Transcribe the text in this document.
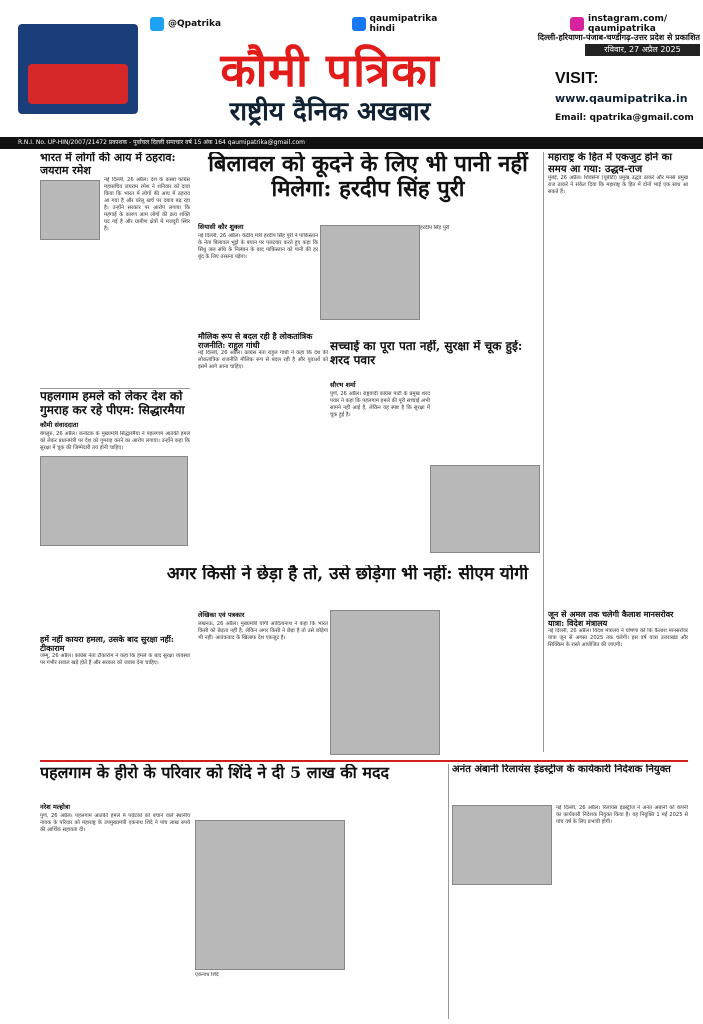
@Qpatrika	qaumipatrika hindi
instagram.com/ qaumipatrika
कौमी पत्रिका
राष्ट्रीय दैनिक अखबार
दिल्ली-हरियाणा-पंजाब-चण्डीगढ़-उत्तर प्रदेश से प्रकाशित
रविवार, 27 अप्रैल 2025
VISIT:
www.qaumipatrika.in
Email: qpatrika@gmail.com
R.N.I. No. UP-HIN/2007/21472 प्रकाशक - पूर्वांचल दिल्ली समाचार वर्ष 15 अंक 164 qaumipatrika@gmail.com
भारत में लोगों की आय में ठहराव: जयराम रमेश
नई दिल्ली, 26 अप्रैल। देश के कस्बा कांग्रेस महासचिव जयराम रमेश ने शनिवार को दावा किया कि भारत में लोगों की आय में ठहराव आ गया है और घरेलू खर्च पर दबाव बढ़ रहा है। उन्होंने सरकार पर आरोप लगाया कि महंगाई के कारण आम लोगों की क्रय शक्ति घट गई है और ग्रामीण क्षेत्रों में मजदूरी स्थिर है।
पहलगाम हमले को लेकर देश को गुमराह कर रहे पीएम: सिद्धारमैया
कौमी संवाददाता
बेंगलुरु, 26 अप्रैल। कर्नाटक के मुख्यमंत्री सिद्धारमैया ने पहलगाम आतंकी हमले को लेकर प्रधानमंत्री पर देश को गुमराह करने का आरोप लगाया। उन्होंने कहा कि सुरक्षा में चूक की जिम्मेदारी तय होनी चाहिए।
हमें नहीं कायरा हमला, उसके बाद सुरक्षा नहीं: टीकाराम
जम्मू, 26 अप्रैल। कांग्रेस नेता टीकाराम ने कहा कि हमले के बाद सुरक्षा व्यवस्था पर गंभीर सवाल खड़े होते हैं और सरकार को जवाब देना चाहिए।
बिलावल को कूदने के लिए भी पानी नहीं मिलेगा: हरदीप सिंह पुरी
सियासी कौर शुक्ला
नई दिल्ली, 26 अप्रैल। केंद्रीय मंत्री हरदीप सिंह पुरी ने पाकिस्तान के नेता बिलावल भुट्टो के बयान पर पलटवार करते हुए कहा कि सिंधु जल संधि के निलंबन के बाद पाकिस्तान को पानी की हर बूंद के लिए तरसना पड़ेगा।
हरदीप सिंह पुरी
मौलिक रूप से बदल रही है लोकतांत्रिक राजनीति: राहुल गांधी
नई दिल्ली, 26 अप्रैल। कांग्रेस नेता राहुल गांधी ने कहा कि देश की लोकतांत्रिक राजनीति मौलिक रूप से बदल रही है और युवाओं को इसमें आगे आना चाहिए।
सच्चाई का पूरा पता नहीं, सुरक्षा में चूक हुई: शरद पवार
सौरभ शर्मा
पुणे, 26 अप्रैल। राष्ट्रवादी कांग्रेस पार्टी के प्रमुख शरद पवार ने कहा कि पहलगाम हमले की पूरी सच्चाई अभी सामने नहीं आई है, लेकिन यह स्पष्ट है कि सुरक्षा में चूक हुई है।
अगर किसी ने छेड़ा है तो, उसे छोड़ेगा भी नहीं: सीएम योगी
लेखिका एवं पत्रकार
लखनऊ, 26 अप्रैल। मुख्यमंत्री योगी आदित्यनाथ ने कहा कि भारत किसी को छेड़ता नहीं है, लेकिन अगर किसी ने छेड़ा है तो उसे छोड़ेगा भी नहीं। आतंकवाद के खिलाफ देश एकजुट है।
महाराष्ट्र के हित में एकजुट होने का समय आ गया: उद्धव-राज
मुंबई, 26 अप्रैल। शिवसेना (यूबीटी) प्रमुख उद्धव ठाकरे और मनसे प्रमुख राज ठाकरे ने संकेत दिया कि महाराष्ट्र के हित में दोनों भाई एक साथ आ सकते हैं।
जून से अमल तक चलेगी कैलाश मानसरोवर यात्रा: विदेश मंत्रालय
नई दिल्ली, 26 अप्रैल। विदेश मंत्रालय ने घोषणा की कि कैलाश मानसरोवर यात्रा जून से अगस्त 2025 तक चलेगी। इस वर्ष यात्रा उत्तराखंड और सिक्किम के रास्ते आयोजित की जाएगी।
पहलगाम के हीरो के परिवार को शिंदे ने दी 5 लाख की मदद
नरेश मल्होत्रा
पुणे, 26 अप्रैल। पहलगाम आतंकी हमले में पर्यटकों को बचाने वाले स्थानीय नायक के परिवार को महाराष्ट्र के उपमुख्यमंत्री एकनाथ शिंदे ने पांच लाख रुपये की आर्थिक सहायता दी।
एकनाथ शिंदे
अनंत अंबानी रिलायंस इंडस्ट्रीज के कार्यकारी निदेशक नियुक्त
नई दिल्ली, 26 अप्रैल। रिलायंस इंडस्ट्रीज ने अनंत अंबानी को कंपनी का कार्यकारी निदेशक नियुक्त किया है। यह नियुक्ति 1 मई 2025 से पांच वर्ष के लिए प्रभावी होगी।
